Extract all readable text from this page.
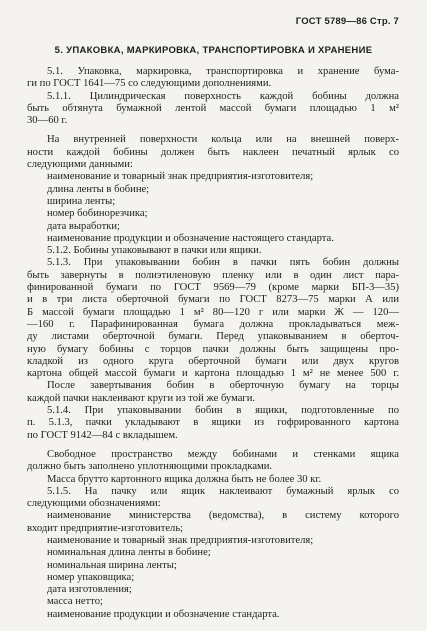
ГОСТ 5789—86 Стр. 7
5. УПАКОВКА, МАРКИРОВКА, ТРАНСПОРТИРОВКА И ХРАНЕНИЕ
5.1. Упаковка, маркировка, транспортировка и хранение бума-
ги по ГОСТ 1641—75 со следующими дополнениями.
5.1.1. Цилиндрическая поверхность каждой бобины должна
быть обтянута бумажной лентой массой бумаги площадью 1 м²
30—60 г.
На внутренней поверхности кольца или на внешней поверх-
ности каждой бобины должен быть наклеен печатный ярлык со
следующими данными:
наименование и товарный знак предприятия-изготовителя;
длина ленты в бобине;
ширина ленты;
номер бобинорезчика;
дата выработки;
наименование продукции и обозначение настоящего стандарта.
5.1.2. Бобины упаковывают в пачки или ящики.
5.1.3. При упаковывании бобин в пачки пять бобин должны
быть завернуты в полиэтиленовую пленку или в один лист пара-
финированной бумаги по ГОСТ 9569—79 (кроме марки БП-3—35)
и в три листа оберточной бумаги по ГОСТ 8273—75 марки А или
Б массой бумаги площадью 1 м² 80—120 г или марки Ж — 120—
—160 г. Парафинированная бумага должна прокладываться меж-
ду листами оберточной бумаги. Перед упаковыванием в оберточ-
ную бумагу бобины с торцов пачки должны быть защищены про-
кладкой из одного круга оберточной бумаги или двух кругов
картона общей массой бумаги и картона площадью 1 м² не менее 500 г.
После завертывания бобин в оберточную бумагу на торцы
каждой пачки наклеивают круги из той же бумаги.
5.1.4. При упаковывании бобин в ящики, подготовленные по
п. 5.1.3, пачки укладывают в ящики из гофрированного картона
по ГОСТ 9142—84 с вкладышем.
Свободное пространство между бобинами и стенками ящика
должно быть заполнено уплотняющими прокладками.
Масса брутто картонного ящика должна быть не более 30 кг.
5.1.5. На пачку или ящик наклеивают бумажный ярлык со
следующими обозначениями:
наименование министерства (ведомства), в систему которого
входит предприятие-изготовитель;
наименование и товарный знак предприятия-изготовителя;
номинальная длина ленты в бобине;
номинальная ширина ленты;
номер упаковщика;
дата изготовления;
масса нетто;
наименование продукции и обозначение стандарта.
